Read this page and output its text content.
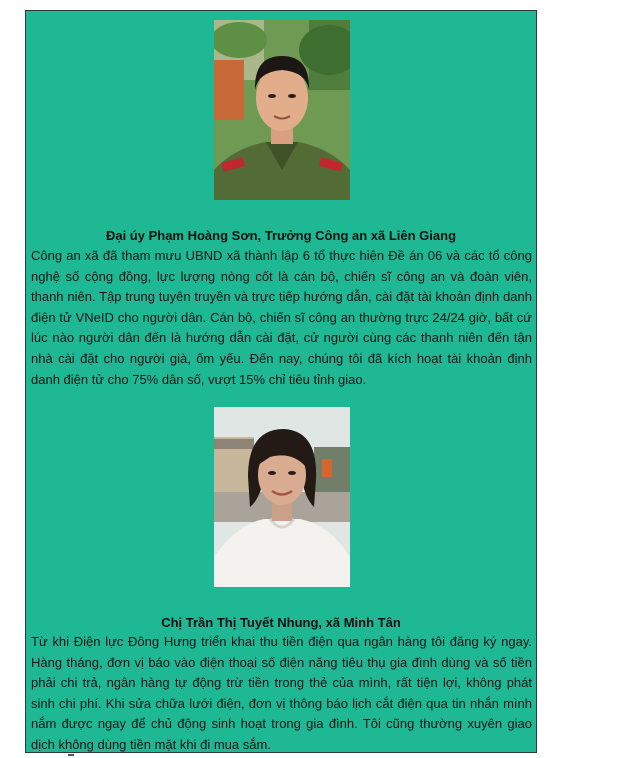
Đại úy Phạm Hoàng Sơn, Trưởng Công an xã Liên Giang
Công an xã đã tham mưu UBND xã thành lập 6 tổ thực hiện Đề án 06 và các tổ công nghệ số cộng đồng, lực lượng nòng cốt là cán bộ, chiến sĩ công an và đoàn viên, thanh niên. Tập trung tuyên truyền và trực tiếp hướng dẫn, cài đặt tài khoản định danh điện tử VNeID cho người dân. Cán bộ, chiến sĩ công an thường trực 24/24 giờ, bất cứ lúc nào người dân đến là hướng dẫn cài đặt, cử người cùng các thanh niên đến tận nhà cài đặt cho người già, ốm yếu. Đến nay, chúng tôi đã kích hoạt tài khoản định danh điện tử cho 75% dân số, vượt 15% chỉ tiêu tỉnh giao.
Chị Trần Thị Tuyết Nhung, xã Minh Tân
Từ khi Điện lực Đông Hưng triển khai thu tiền điện qua ngân hàng tôi đăng ký ngay. Hàng tháng, đơn vị báo vào điện thoại số điện năng tiêu thụ gia đình dùng và số tiền phải chi trả, ngân hàng tự động trừ tiền trong thẻ của mình, rất tiện lợi, không phát sinh chi phí. Khi sửa chữa lưới điện, đơn vị thông báo lịch cắt điện qua tin nhắn mình nắm được ngay để chủ động sinh hoạt trong gia đình. Tôi cũng thường xuyên giao dịch không dùng tiền mặt khi đi mua sắm.
